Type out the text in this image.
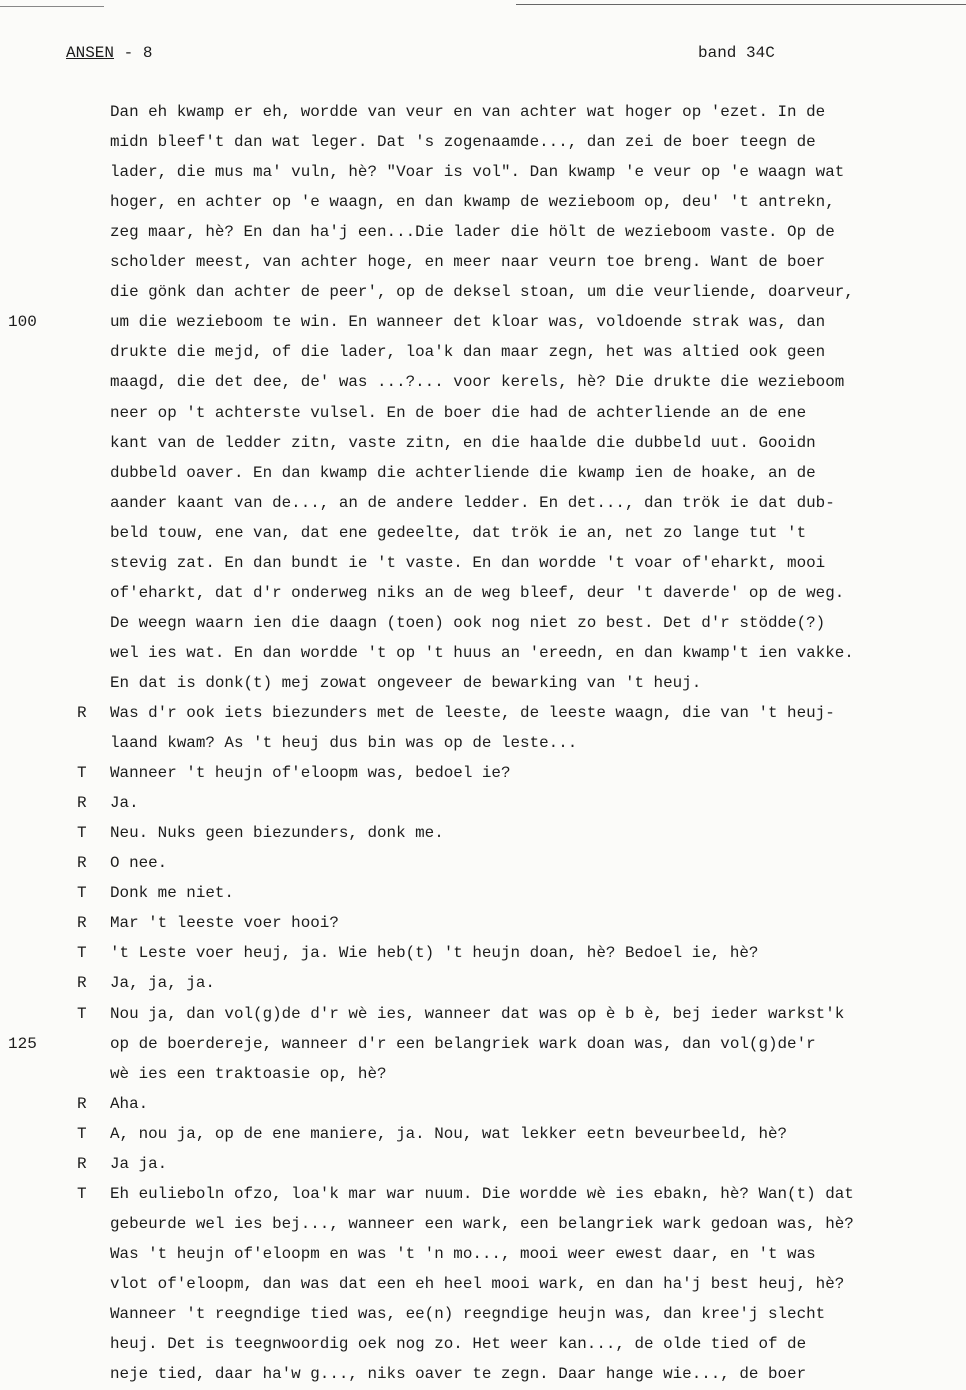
ANSEN - 8	band 34C
Dan eh kwamp er eh, wordde van veur en van achter wat hoger op 'ezet. In de
midn bleef't dan wat leger. Dat 's zogenaamde..., dan zei de boer teegn de
lader, die mus ma' vuln, hè? "Voar is vol". Dan kwamp 'e veur op 'e waagn wat
hoger, en achter op 'e waagn, en dan kwamp de wezieboom op, deu' 't antrekn,
zeg maar, hè? En dan ha'j een...Die lader die hölt de wezieboom vaste. Op de
scholder meest, van achter hoge, en meer naar veurn toe breng. Want de boer
die gönk dan achter de peer', op de deksel stoan, um die veurliende, doarveur,
um die wezieboom te win. En wanneer det kloar was, voldoende strak was, dan
drukte die mejd, of die lader, loa'k dan maar zegn, het was altied ook geen
maagd, die det dee, de' was ...?... voor kerels, hè? Die drukte die wezieboom
neer op 't achterste vulsel. En de boer die had de achterliende an de ene
kant van de ledder zitn, vaste zitn, en die haalde die dubbeld uut. Gooidn
dubbeld oaver. En dan kwamp die achterliende die kwamp ien de hoake, an de
aander kaant van de..., an de andere ledder. En det..., dan trök ie dat dub-
beld touw, ene van, dat ene gedeelte, dat trök ie an, net zo lange tut 't
stevig zat. En dan bundt ie 't vaste. En dan wordde 't voar of'eharkt, mooi
of'eharkt, dat d'r onderweg niks an de weg bleef, deur 't daverde' op de weg.
De weegn waarn ien die daagn (toen) ook nog niet zo best. Det d'r stödde(?)
wel ies wat. En dan wordde 't op 't huus an 'ereedn, en dan kwamp't ien vakke.
En dat is donk(t) mej zowat ongeveer de bewarking van 't heuj.
Was d'r ook iets biezunders met de leeste, de leeste waagn, die van 't heuj-
laand kwam? As 't heuj dus bin was op de leste...
Wanneer 't heujn of'eloopm was, bedoel ie?
Ja.
Neu. Nuks geen biezunders, donk me.
O nee.
Donk me niet.
Mar 't leeste voer hooi?
't Leste voer heuj, ja. Wie heb(t) 't heujn doan, hè? Bedoel ie, hè?
Ja, ja, ja.
Nou ja, dan vol(g)de d'r wè ies, wanneer dat was op è b è, bej ieder warkst'k
op de boerdereje, wanneer d'r een belangriek wark doan was, dan vol(g)de'r
wè ies een traktoasie op, hè?
Aha.
A, nou ja, op de ene maniere, ja. Nou, wat lekker eetn beveurbeeld, hè?
Ja ja.
Eh eulieboln ofzo, loa'k mar war nuum. Die wordde wè ies ebakn, hè? Wan(t) dat
gebeurde wel ies bej..., wanneer een wark, een belangriek wark gedoan was, hè?
Was 't heujn of'eloopm en was 't 'n mo..., mooi weer ewest daar, en 't was
vlot of'eloopm, dan was dat een eh heel mooi wark, en dan ha'j best heuj, hè?
Wanneer 't reegndige tied was, ee(n) reegndige heujn was, dan kree'j slecht
heuj. Det is teegnwoordig oek nog zo. Het weer kan..., de olde tied of de
neje tied, daar ha'w g..., niks oaver te zegn. Daar hange wie..., de boer
R
T
R
T
R
T
R
T
R
T
R
T
R
T
100
125
